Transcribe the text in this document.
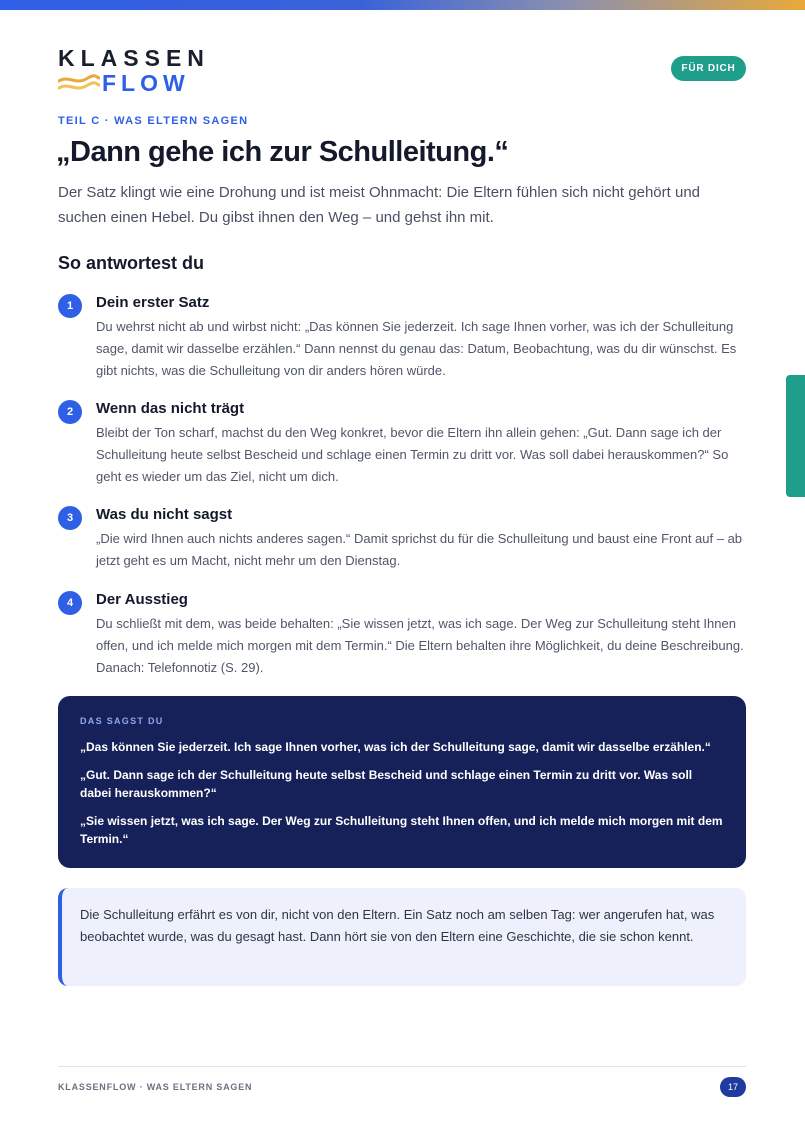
KLASSEN
FLOW
FÜR DICH
TEIL C · WAS ELTERN SAGEN
„Dann gehe ich zur Schulleitung.“

Der Satz klingt wie eine Drohung und ist meist Ohnmacht: Die Eltern fühlen sich nicht gehört und suchen einen Hebel. Du gibst ihnen den Weg – und gehst ihn mit.

So antwortest du
1	Dein erster Satz

Du wehrst nicht ab und wirbst nicht: „Das können Sie jederzeit. Ich sage Ihnen vorher, was ich der Schulleitung sage, damit wir dasselbe erzählen.“ Dann nennst du genau das: Datum, Beobachtung, was du dir wünschst. Es gibt nichts, was die Schulleitung von dir anders hören würde.

2	Wenn das nicht trägt

Bleibt der Ton scharf, machst du den Weg konkret, bevor die Eltern ihn allein gehen: „Gut. Dann sage ich der Schulleitung heute selbst Bescheid und schlage einen Termin zu dritt vor. Was soll dabei herauskommen?“ So geht es wieder um das Ziel, nicht um dich.

3	Was du nicht sagst

„Die wird Ihnen auch nichts anderes sagen.“ Damit sprichst du für die Schulleitung und baust eine Front auf – ab jetzt geht es um Macht, nicht mehr um den Dienstag.

4	Der Ausstieg

Du schließt mit dem, was beide behalten: „Sie wissen jetzt, was ich sage. Der Weg zur Schulleitung steht Ihnen offen, und ich melde mich morgen mit dem Termin.“ Die Eltern behalten ihre Möglichkeit, du deine Beschreibung. Danach: Telefonnotiz (S. 29).

DAS SAGST DU

„Das können Sie jederzeit. Ich sage Ihnen vorher, was ich der Schulleitung sage, damit wir dasselbe erzählen.“

„Gut. Dann sage ich der Schulleitung heute selbst Bescheid und schlage einen Termin zu dritt vor. Was soll dabei herauskommen?“

„Sie wissen jetzt, was ich sage. Der Weg zur Schulleitung steht Ihnen offen, und ich melde mich morgen mit dem Termin.“

Die Schulleitung erfährt es von dir, nicht von den Eltern. Ein Satz noch am selben Tag: wer angerufen hat, was beobachtet wurde, was du gesagt hast. Dann hört sie von den Eltern eine Geschichte, die sie schon kennt.

KLASSENFLOW · WAS ELTERN SAGEN	17
